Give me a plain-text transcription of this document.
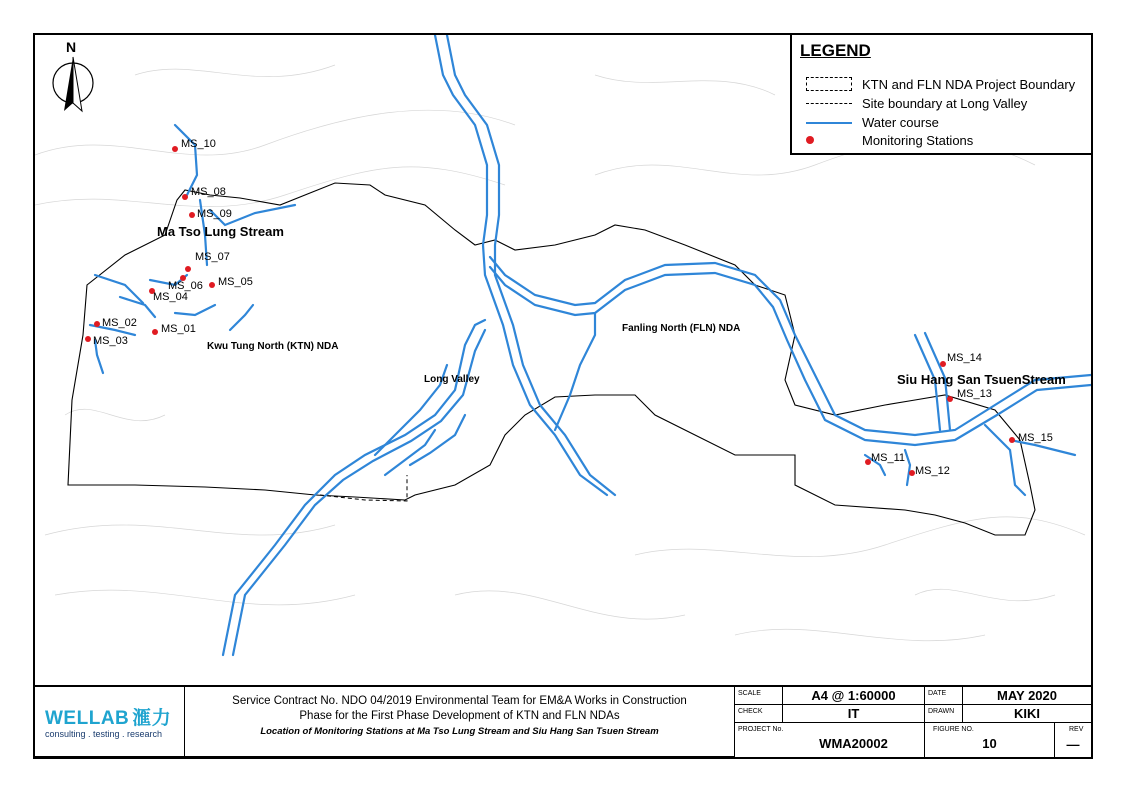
MS_10
MS_08
MS_09
MS_07
MS_06 MS_05
MS_04
MS_02 MS_01
MS_03
MS_14
MS_13
MS_15
MS_11
MS_12
Ma Tso Lung Stream
Kwu Tung North (KTN) NDA
Long Valley
Fanling North (FLN) NDA
Siu Hang San TsuenStream
N	LEGEND
KTN and FLN NDA Project Boundary
Site boundary at Long Valley
Water course
Monitoring Stations
WELLAB 滙力
consulting . testing . research
Service Contract No. NDO 04/2019 Environmental Team for EM&A Works in Construction
Phase for the First Phase Development of KTN and FLN NDAs
Location of Monitoring Stations at Ma Tso Lung Stream and Siu Hang San Tsuen Stream
SCALE	A4 @ 1:60000	DATE	MAY 2020
CHECK	IT	DRAWN	KIKI
PROJECT No.
WMA20002
FIGURE NO.
10
REV
—
